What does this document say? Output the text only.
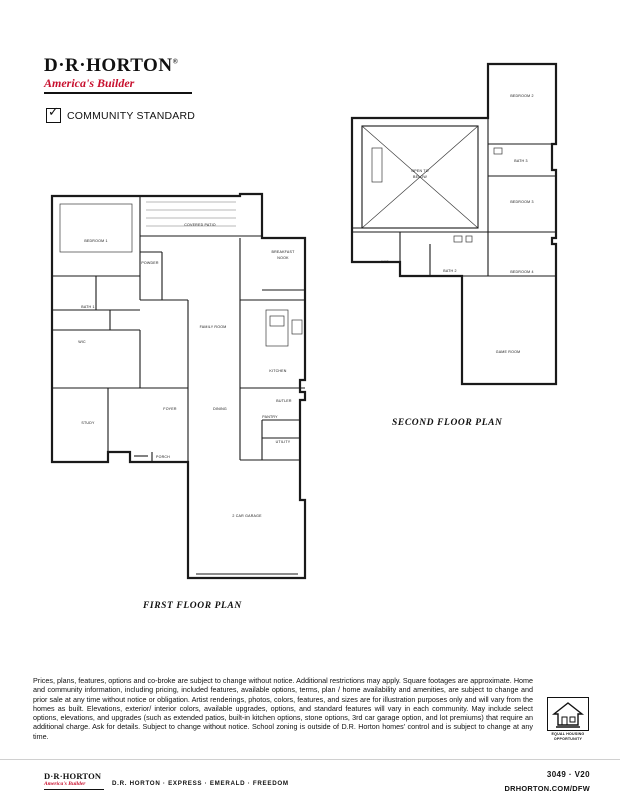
D·R·HORTON®
America's Builder
✓ COMMUNITY STANDARD
BEDROOM 1
COVERED PATIO
POWDER
BREAKFAST
NOOK
BATH 1
FAMILY ROOM
WIC
KITCHEN
STUDY
FOYER	DINING
BUTLER
PANTRY
UTILITY
PORCH
2 CAR GARAGE
BEDROOM 2
BATH 3
OPEN TO
BELOW
BEDROOM 3
WIC
BATH 2	BEDROOM 4
GAME ROOM
FIRST FLOOR PLAN
SECOND FLOOR PLAN
Prices, plans, features, options and co-broke are subject to change without notice. Additional restrictions may apply. Square footages are approximate. Home and community information, including pricing, included features, available options, terms, plan / home availability and amenities, are subject to change and prior sale at any time without notice or obligation. Artist renderings, photos, colors, features, and sizes are for illustration purposes only and will vary from the homes as built. Elevations, exterior/ interior colors, available upgrades, options, and standard features will vary in each community. May include select options, elevations, and upgrades (such as extended patios, built-in kitchen options, stone options, 3rd car garage option, and lot premiums) that require an additional charge. Ask for details. Subject to change without notice. School zoning is outside of D.R. Horton homes' control and is subject to change at any time.	EQUAL HOUSING
OPPORTUNITY
D·R·HORTON
America's Builder	D.R. HORTON · EXPRESS · EMERALD · FREEDOM
3049 · V20
DRHORTON.COM/DFW
